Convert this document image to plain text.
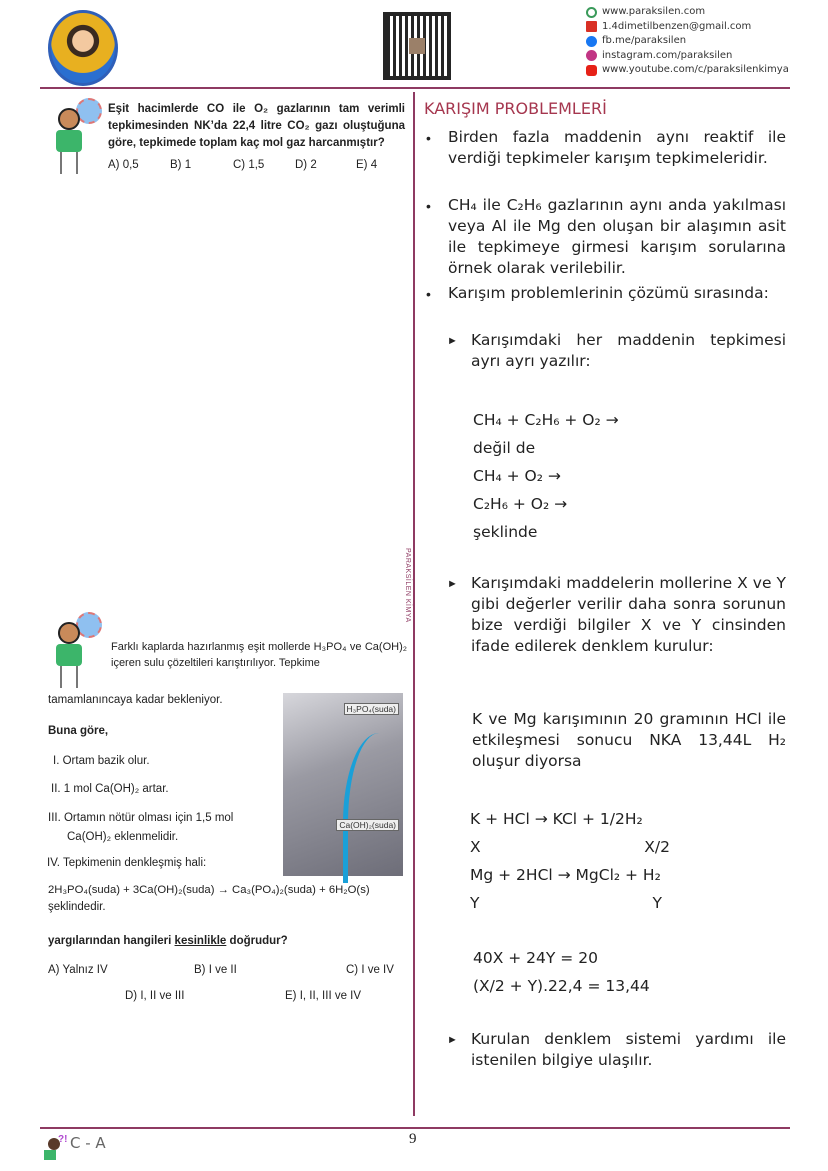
www.paraksilen.com
1.4dimetilbenzen@gmail.com
fb.me/paraksilen
instagram.com/paraksilen
www.youtube.com/c/paraksilenkimya
PARAKSİLEN KİMYA
Eşit hacimlerde CO ile O₂ gazlarının tam verimli tepkimesinden NK’da 22,4 litre CO₂ gazı oluştuğuna göre, tepkimede toplam kaç mol gaz harcanmıştır?
A) 0,5	B) 1	C) 1,5	D) 2	E) 4
Farklı kaplarda hazırlanmış eşit mollerde H₃PO₄ ve Ca(OH)₂ içeren sulu çözeltileri karıştırılıyor. Tepkime
tamamlanıncaya kadar bekleniyor.
Buna göre,
H₃PO₄(suda)
Ca(OH)₂(suda)
I. Ortam bazik olur.
II. 1 mol Ca(OH)₂ artar.
III. Ortamın nötür olması için 1,5 mol Ca(OH)₂ eklenmelidir.
IV. Tepkimenin denkleşmiş hali:
2H₃PO₄(suda) + 3Ca(OH)₂(suda) → Ca₃(PO₄)₂(suda) + 6H₂O(s)
şeklindedir.
yargılarından hangileri kesinlikle doğrudur?
A) Yalnız IV	B) I ve II	C) I ve IV
D) I, II ve III	E) I, II, III ve IV
KARIŞIM PROBLEMLERİ
• Birden fazla maddenin aynı reaktif ile verdiği tepkimeler karışım tepkimeleridir.
• CH₄ ile C₂H₆ gazlarının aynı anda yakılması veya Al ile Mg den oluşan bir alaşımın asit ile tepkimeye girmesi karışım sorularına örnek olarak verilebilir.
• Karışım problemlerinin çözümü sırasında:
► Karışımdaki her maddenin tepkimesi ayrı ayrı yazılır:
CH₄ + C₂H₆ + O₂ →
değil de
CH₄ + O₂ →
C₂H₆ + O₂ →
şeklinde
► Karışımdaki maddelerin mollerine X ve Y gibi değerler verilir daha sonra sorunun bize verdiği bilgiler X ve Y cinsinden ifade edilerek denklem kurulur:
K ve Mg karışımının 20 gramının HCl ile etkileşmesi sonucu NKA 13,44L H₂ oluşur diyorsa
K + HCl → KCl + 1/2H₂
X	X/2
Mg + 2HCl → MgCl₂ + H₂
Y	Y
40X + 24Y = 20
(X/2 + Y).22,4 = 13,44
► Kurulan denklem sistemi yardımı ile istenilen bilgiye ulaşılır.
?! C - A	9
